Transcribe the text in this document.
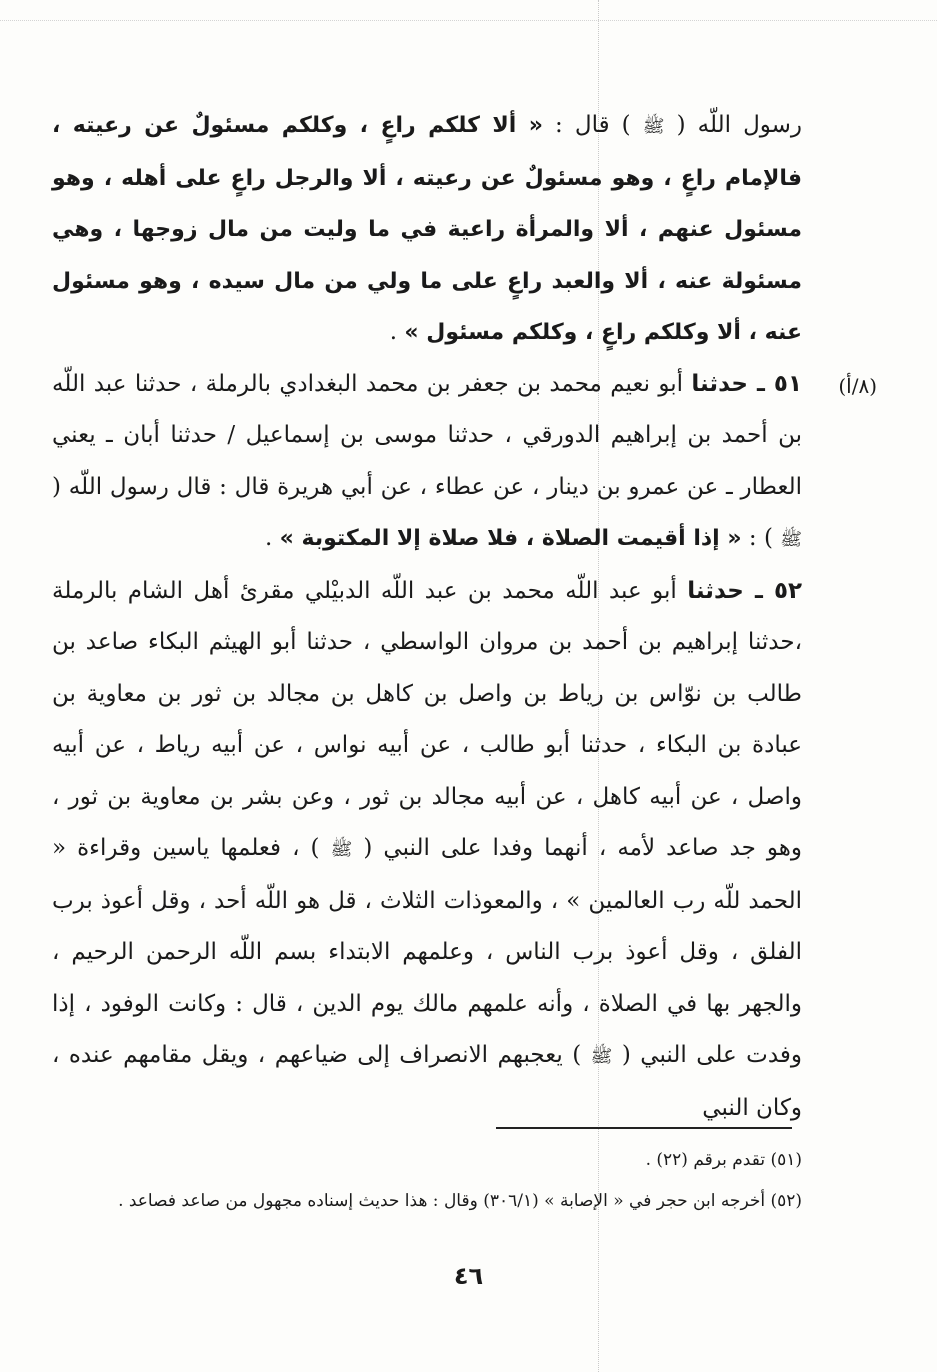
(٨/أ)

رسول اللّه ( ﷺ ) قال : « ألا كلكم راعٍ ، وكلكم مسئولٌ عن رعيته ، فالإمام راعٍ ، وهو مسئولٌ عن رعيته ، ألا والرجل راعٍ على أهله ، وهو مسئول عنهم ، ألا والمرأة راعية في ما وليت من مال زوجها ، وهي مسئولة عنه ، ألا والعبد راعٍ على ما ولي من مال سيده ، وهو مسئول عنه ، ألا وكلكم راعٍ ، وكلكم مسئول » .

٥١ ـ حدثنا أبو نعيم محمد بن جعفر بن محمد البغدادي بالرملة ، حدثنا عبد اللّه بن أحمد بن إبراهيم الدورقي ، حدثنا موسى بن إسماعيل / حدثنا أبان ـ يعني العطار ـ عن عمرو بن دينار ، عن عطاء ، عن أبي هريرة قال : قال رسول اللّه ( ﷺ ) : « إذا أقيمت الصلاة ، فلا صلاة إلا المكتوبة » .

٥٢ ـ حدثنا أبو عبد اللّه محمد بن عبد اللّه الدبيْلي مقرئ أهل الشام بالرملة ،حدثنا إبراهيم بن أحمد بن مروان الواسطي ، حدثنا أبو الهيثم البكاء صاعد بن طالب بن نوّاس بن رياط بن واصل بن كاهل بن مجالد بن ثور بن معاوية بن عبادة بن البكاء ، حدثنا أبو طالب ، عن أبيه نواس ، عن أبيه رياط ، عن أبيه واصل ، عن أبيه كاهل ، عن أبيه مجالد بن ثور ، وعن بشر بن معاوية بن ثور ، وهو جد صاعد لأمه ، أنهما وفدا على النبي ( ﷺ ) ، فعلمها ياسين وقراءة « الحمد للّه رب العالمين » ، والمعوذات الثلاث ، قل هو اللّه أحد ، وقل أعوذ برب الفلق ، وقل أعوذ برب الناس ، وعلمهم الابتداء بسم اللّه الرحمن الرحيم ، والجهر بها في الصلاة ، وأنه علمهم مالك يوم الدين ، قال : وكانت الوفود ، إذا وفدت على النبي ( ﷺ ) يعجبهم الانصراف إلى ضياعهم ، ويقل مقامهم عنده ، وكان النبي

(٥١) تقدم برقم (٢٢) .

(٥٢) أخرجه ابن حجر في « الإصابة » (٣٠٦/١) وقال : هذا حديث إسناده مجهول من صاعد فصاعد .

٤٦
